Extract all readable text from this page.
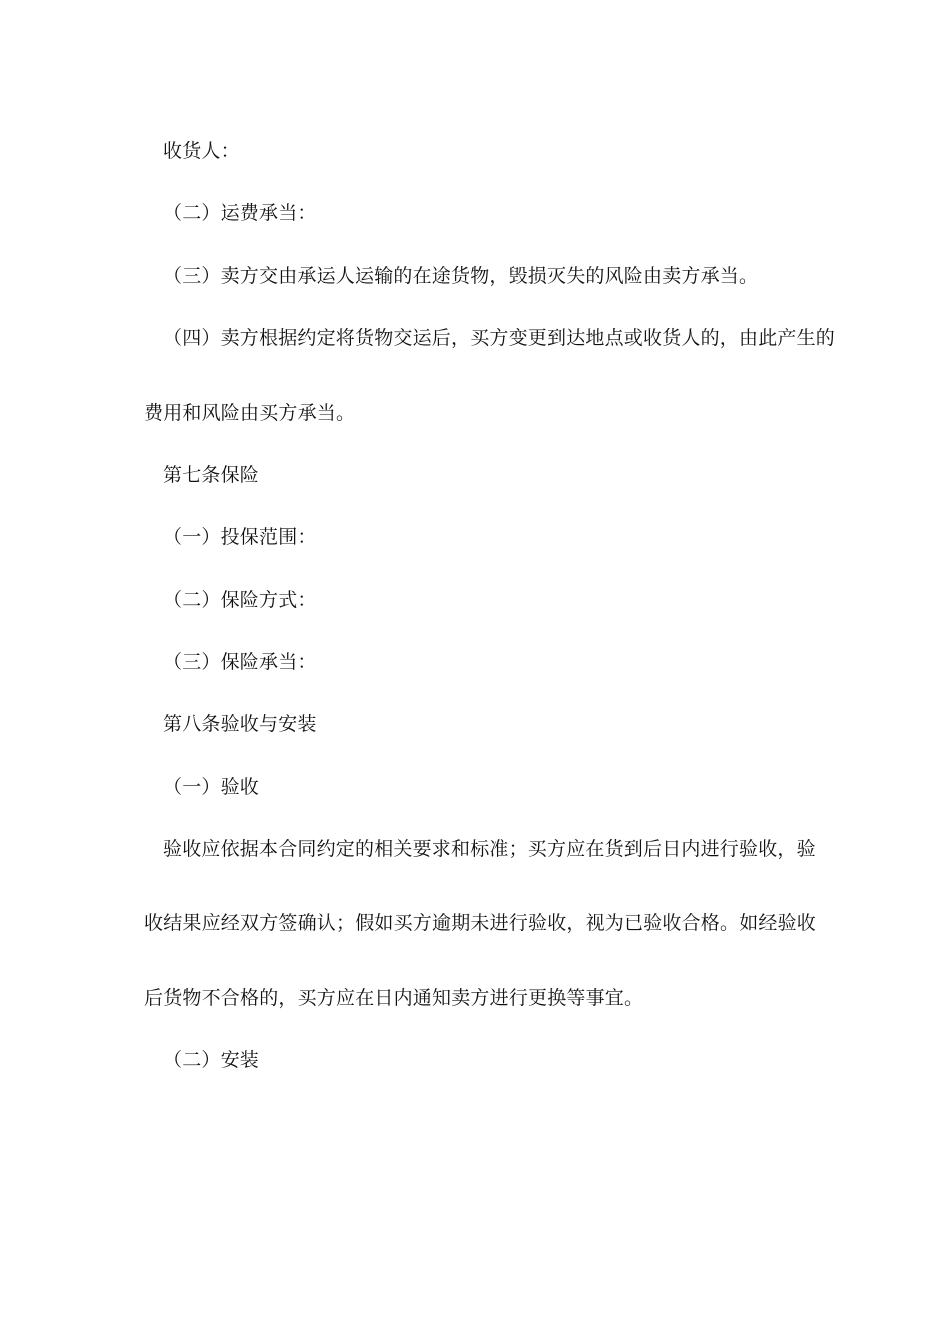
收货人：
（二）运费承当：
（三）卖方交由承运人运输的在途货物，毁损灭失的风险由卖方承当。
（四）卖方根据约定将货物交运后，买方变更到达地点或收货人的，由此产生的
费用和风险由买方承当。
第七条保险
（一）投保范围：
（二）保险方式：
（三）保险承当：
第八条验收与安装
（一）验收
验收应依据本合同约定的相关要求和标准；买方应在货到后日内进行验收，验
收结果应经双方签确认；假如买方逾期未进行验收，视为已验收合格。如经验收
后货物不合格的，买方应在日内通知卖方进行更换等事宜。
（二）安装
